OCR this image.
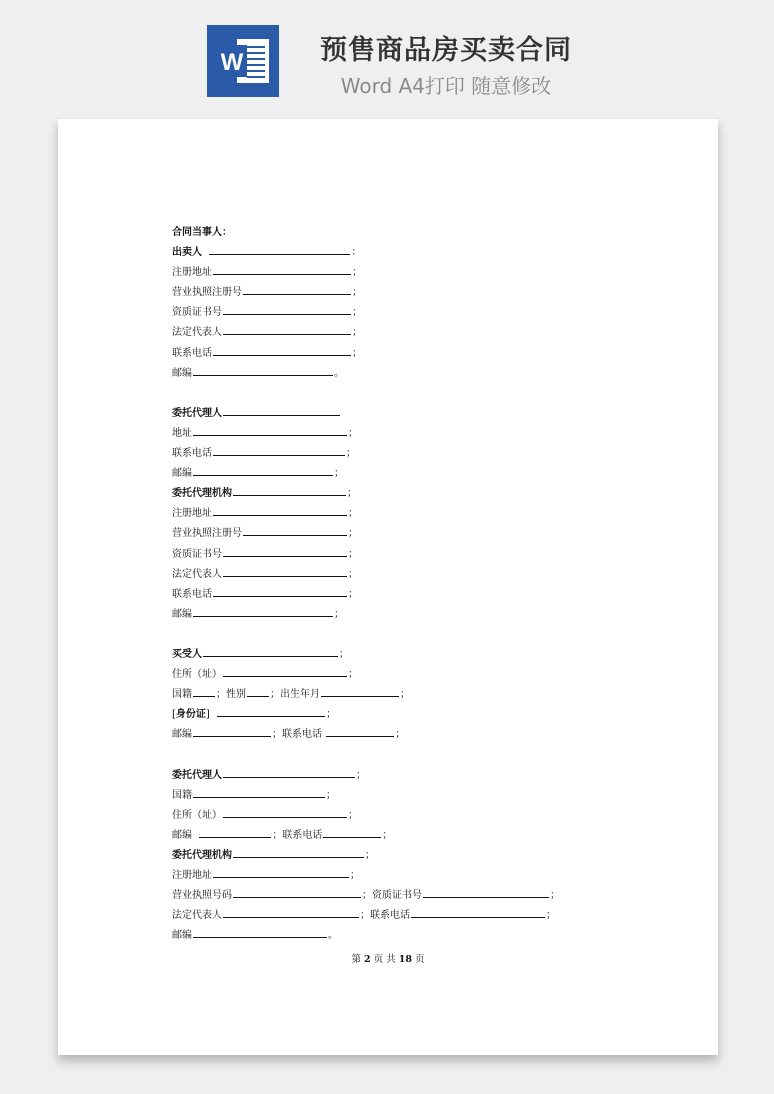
W	预售商品房买卖合同
Word A4打印 随意修改
合同当事人：
出卖人	：
注册地址	；
营业执照注册号	；
资质证书号	；
法定代表人	；
联系电话	；
邮编	。
委托代理人
地址	；
联系电话	；
邮编	；
委托代理机构	；
注册地址	；
营业执照注册号	；
资质证书号	；
法定代表人	；
联系电话	；
邮编	；
买受人	；
住所（址）	；
国籍 ；性别 ；出生年月	；
[身份证]	；
邮编	；联系电话	；
委托代理人	；
国籍	；
住所（址）	；
邮编	；联系电话	；
委托代理机构	；
注册地址	；
营业执照号码	；资质证书号	；
法定代表人	；联系电话	；
邮编	。
第 2 页 共 18 页
